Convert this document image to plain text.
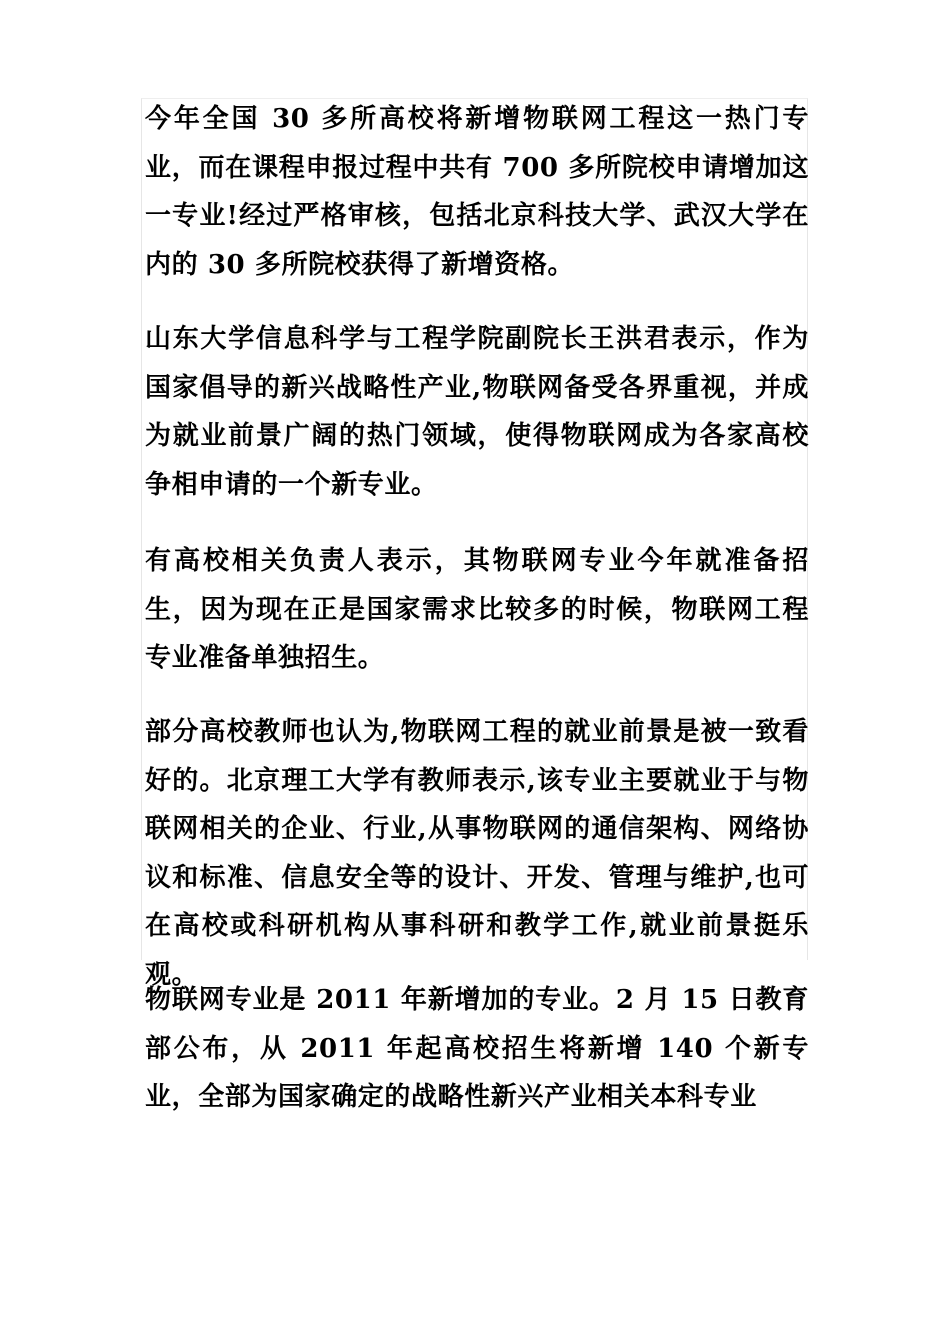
今年全国 30 多所高校将新增物联网工程这一热门专业，而在课程申报过程中共有 700 多所院校申请增加这一专业!经过严格审核，包括北京科技大学、武汉大学在内的 30 多所院校获得了新增资格。

山东大学信息科学与工程学院副院长王洪君表示，作为国家倡导的新兴战略性产业,物联网备受各界重视，并成为就业前景广阔的热门领域，使得物联网成为各家高校争相申请的一个新专业。

有高校相关负责人表示，其物联网专业今年就准备招生，因为现在正是国家需求比较多的时候，物联网工程专业准备单独招生。

部分高校教师也认为,物联网工程的就业前景是被一致看好的。北京理工大学有教师表示,该专业主要就业于与物联网相关的企业、行业,从事物联网的通信架构、网络协议和标准、信息安全等的设计、开发、管理与维护,也可在高校或科研机构从事科研和教学工作,就业前景挺乐观。

物联网专业是 2011 年新增加的专业。2 月 15 日教育部公布，从 2011 年起高校招生将新增 140 个新专业，全部为国家确定的战略性新兴产业相关本科专业
